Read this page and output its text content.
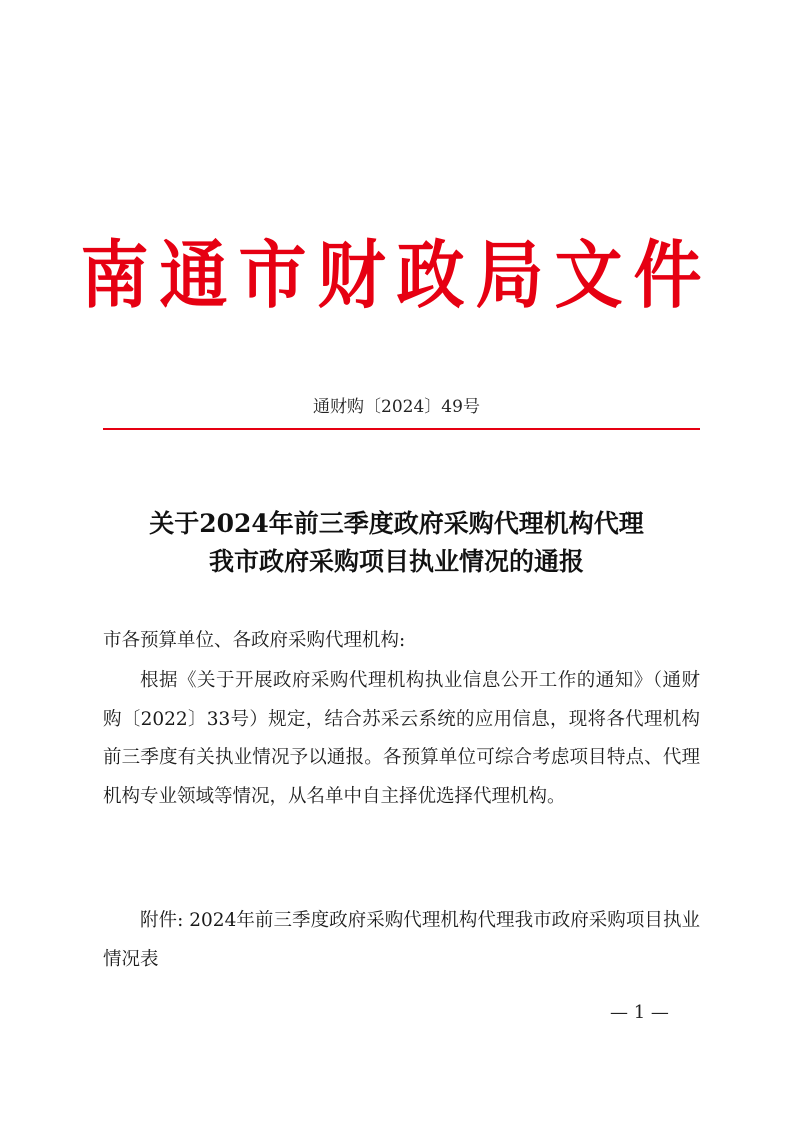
南通市财政局文件
通财购〔2024〕49号
关于2024年前三季度政府采购代理机构代理
我市政府采购项目执业情况的通报
市各预算单位、各政府采购代理机构:
根据《关于开展政府采购代理机构执业信息公开工作的通知》（通财购〔2022〕33号）规定，结合苏采云系统的应用信息，现将各代理机构前三季度有关执业情况予以通报。各预算单位可综合考虑项目特点、代理机构专业领域等情况，从名单中自主择优选择代理机构。
附件: 2024年前三季度政府采购代理机构代理我市政府采购项目执业情况表
— 1 —
